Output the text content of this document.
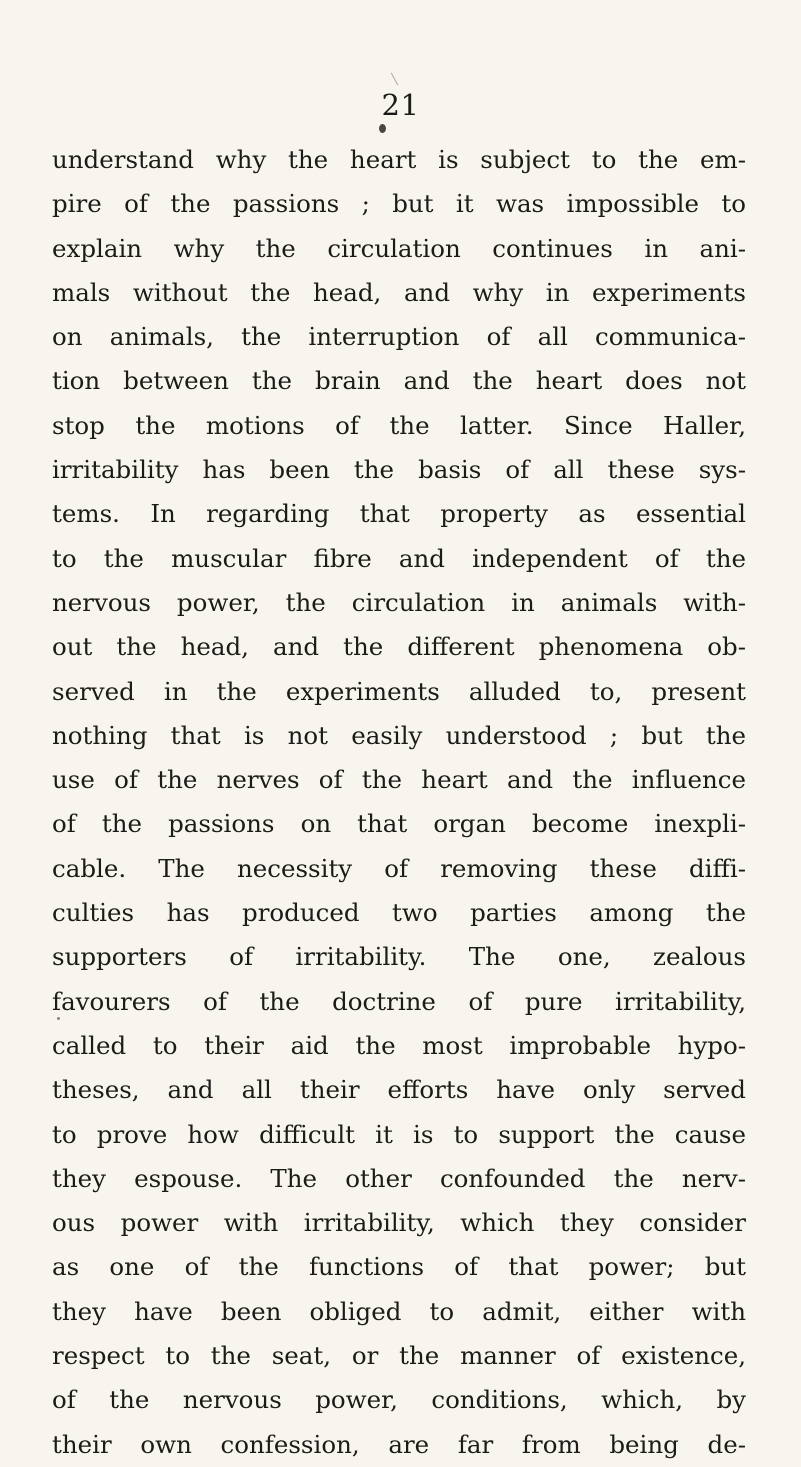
21
understand why the heart is subject to the em-
pire of the passions ; but it was impossible to
explain why the circulation continues in ani-
mals without the head, and why in experiments
on animals, the interruption of all communica-
tion between the brain and the heart does not
stop the motions of the latter. Since Haller,
irritability has been the basis of all these sys-
tems. In regarding that property as essential
to the muscular fibre and independent of the
nervous power, the circulation in animals with-
out the head, and the different phenomena ob-
served in the experiments alluded to, present
nothing that is not easily understood ; but the
use of the nerves of the heart and the influence
of the passions on that organ become inexpli-
cable. The necessity of removing these diffi-
culties has produced two parties among the
supporters of irritability. The one, zealous
favourers of the doctrine of pure irritability,
called to their aid the most improbable hypo-
theses, and all their efforts have only served
to prove how difficult it is to support the cause
they espouse. The other confounded the nerv-
ous power with irritability, which they consider
as one of the functions of that power; but
they have been obliged to admit, either with
respect to the seat, or the manner of existence,
of the nervous power, conditions, which, by
their own confession, are far from being de-
